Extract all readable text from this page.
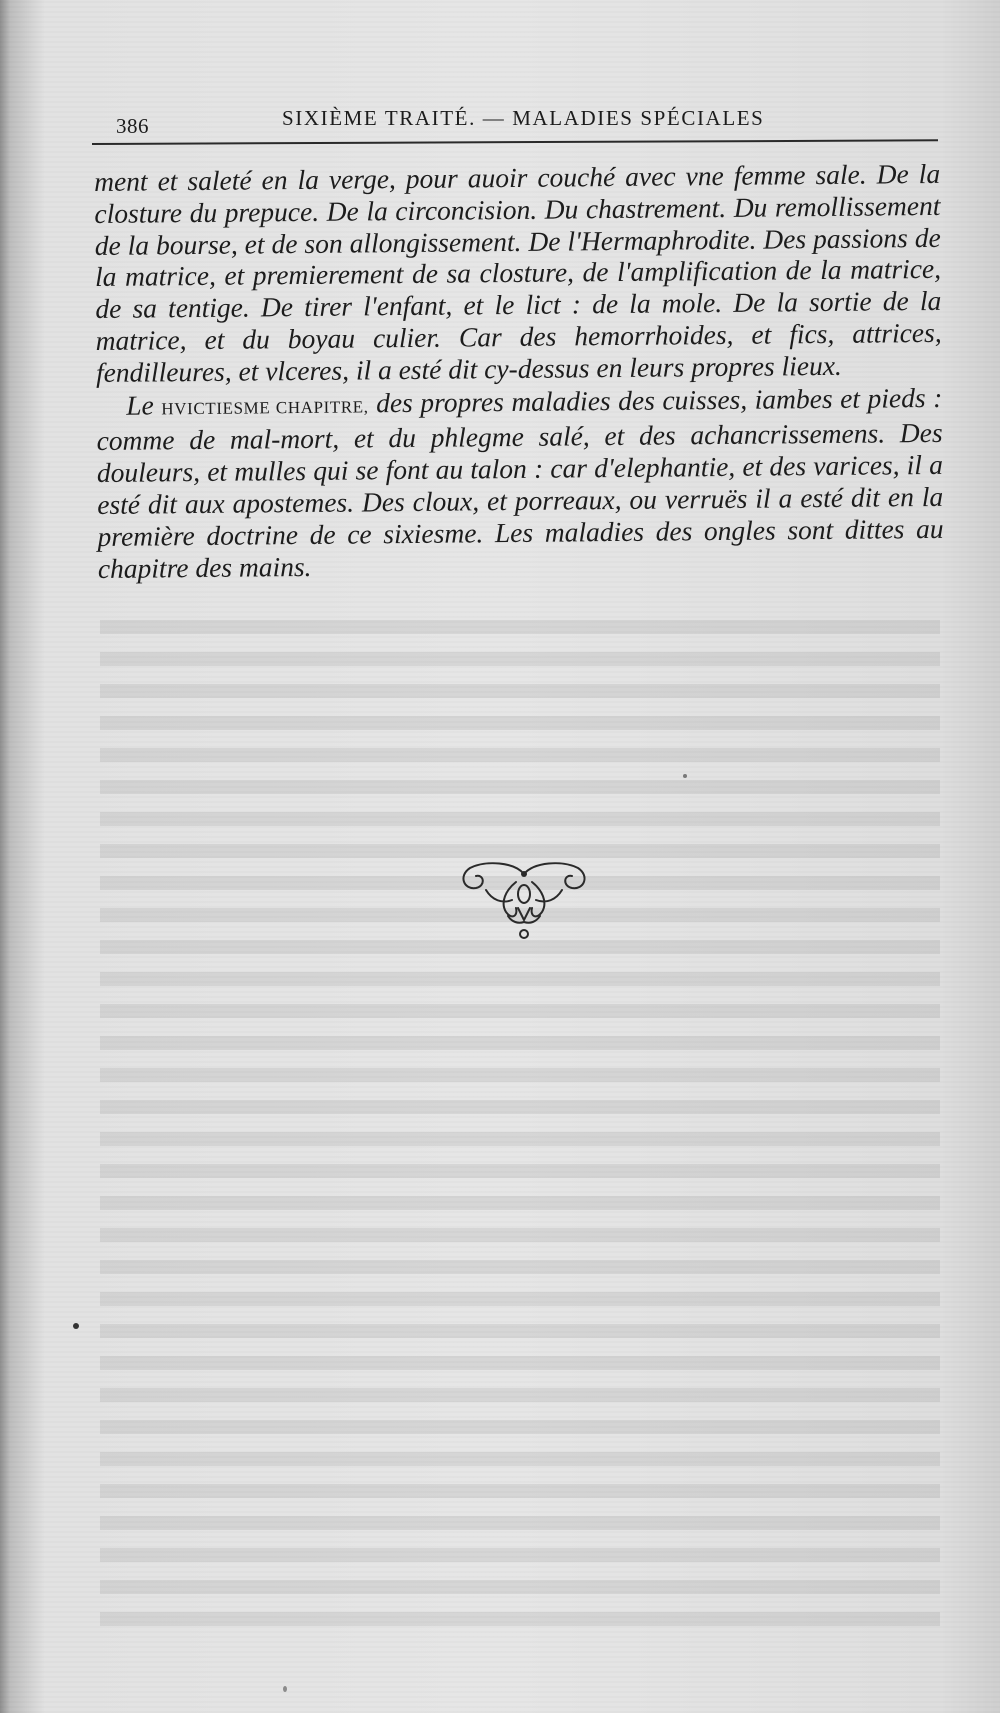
386	SIXIÈME TRAITÉ. — MALADIES SPÉCIALES

ment et saleté en la verge, pour auoir couché avec vne femme sale. De la closture du prepuce. De la circoncision. Du chastrement. Du remollissement de la bourse, et de son allongissement. De l'Hermaphrodite. Des passions de la matrice, et premierement de sa closture, de l'amplification de la matrice, de sa tentige. De tirer l'enfant, et le lict : de la mole. De la sortie de la matrice, et du boyau culier. Car des hemorrhoides, et fics, attrices, fendilleures, et vlceres, il a esté dit cy-dessus en leurs propres lieux.

Le HVICTIESME CHAPITRE, des propres maladies des cuisses, iambes et pieds : comme de mal-mort, et du phlegme salé, et des achancrissemens. Des douleurs, et mulles qui se font au talon : car d'elephantie, et des varices, il a esté dit aux apostemes. Des cloux, et porreaux, ou verruës il a esté dit en la première doctrine de ce sixiesme. Les maladies des ongles sont dittes au chapitre des mains.
